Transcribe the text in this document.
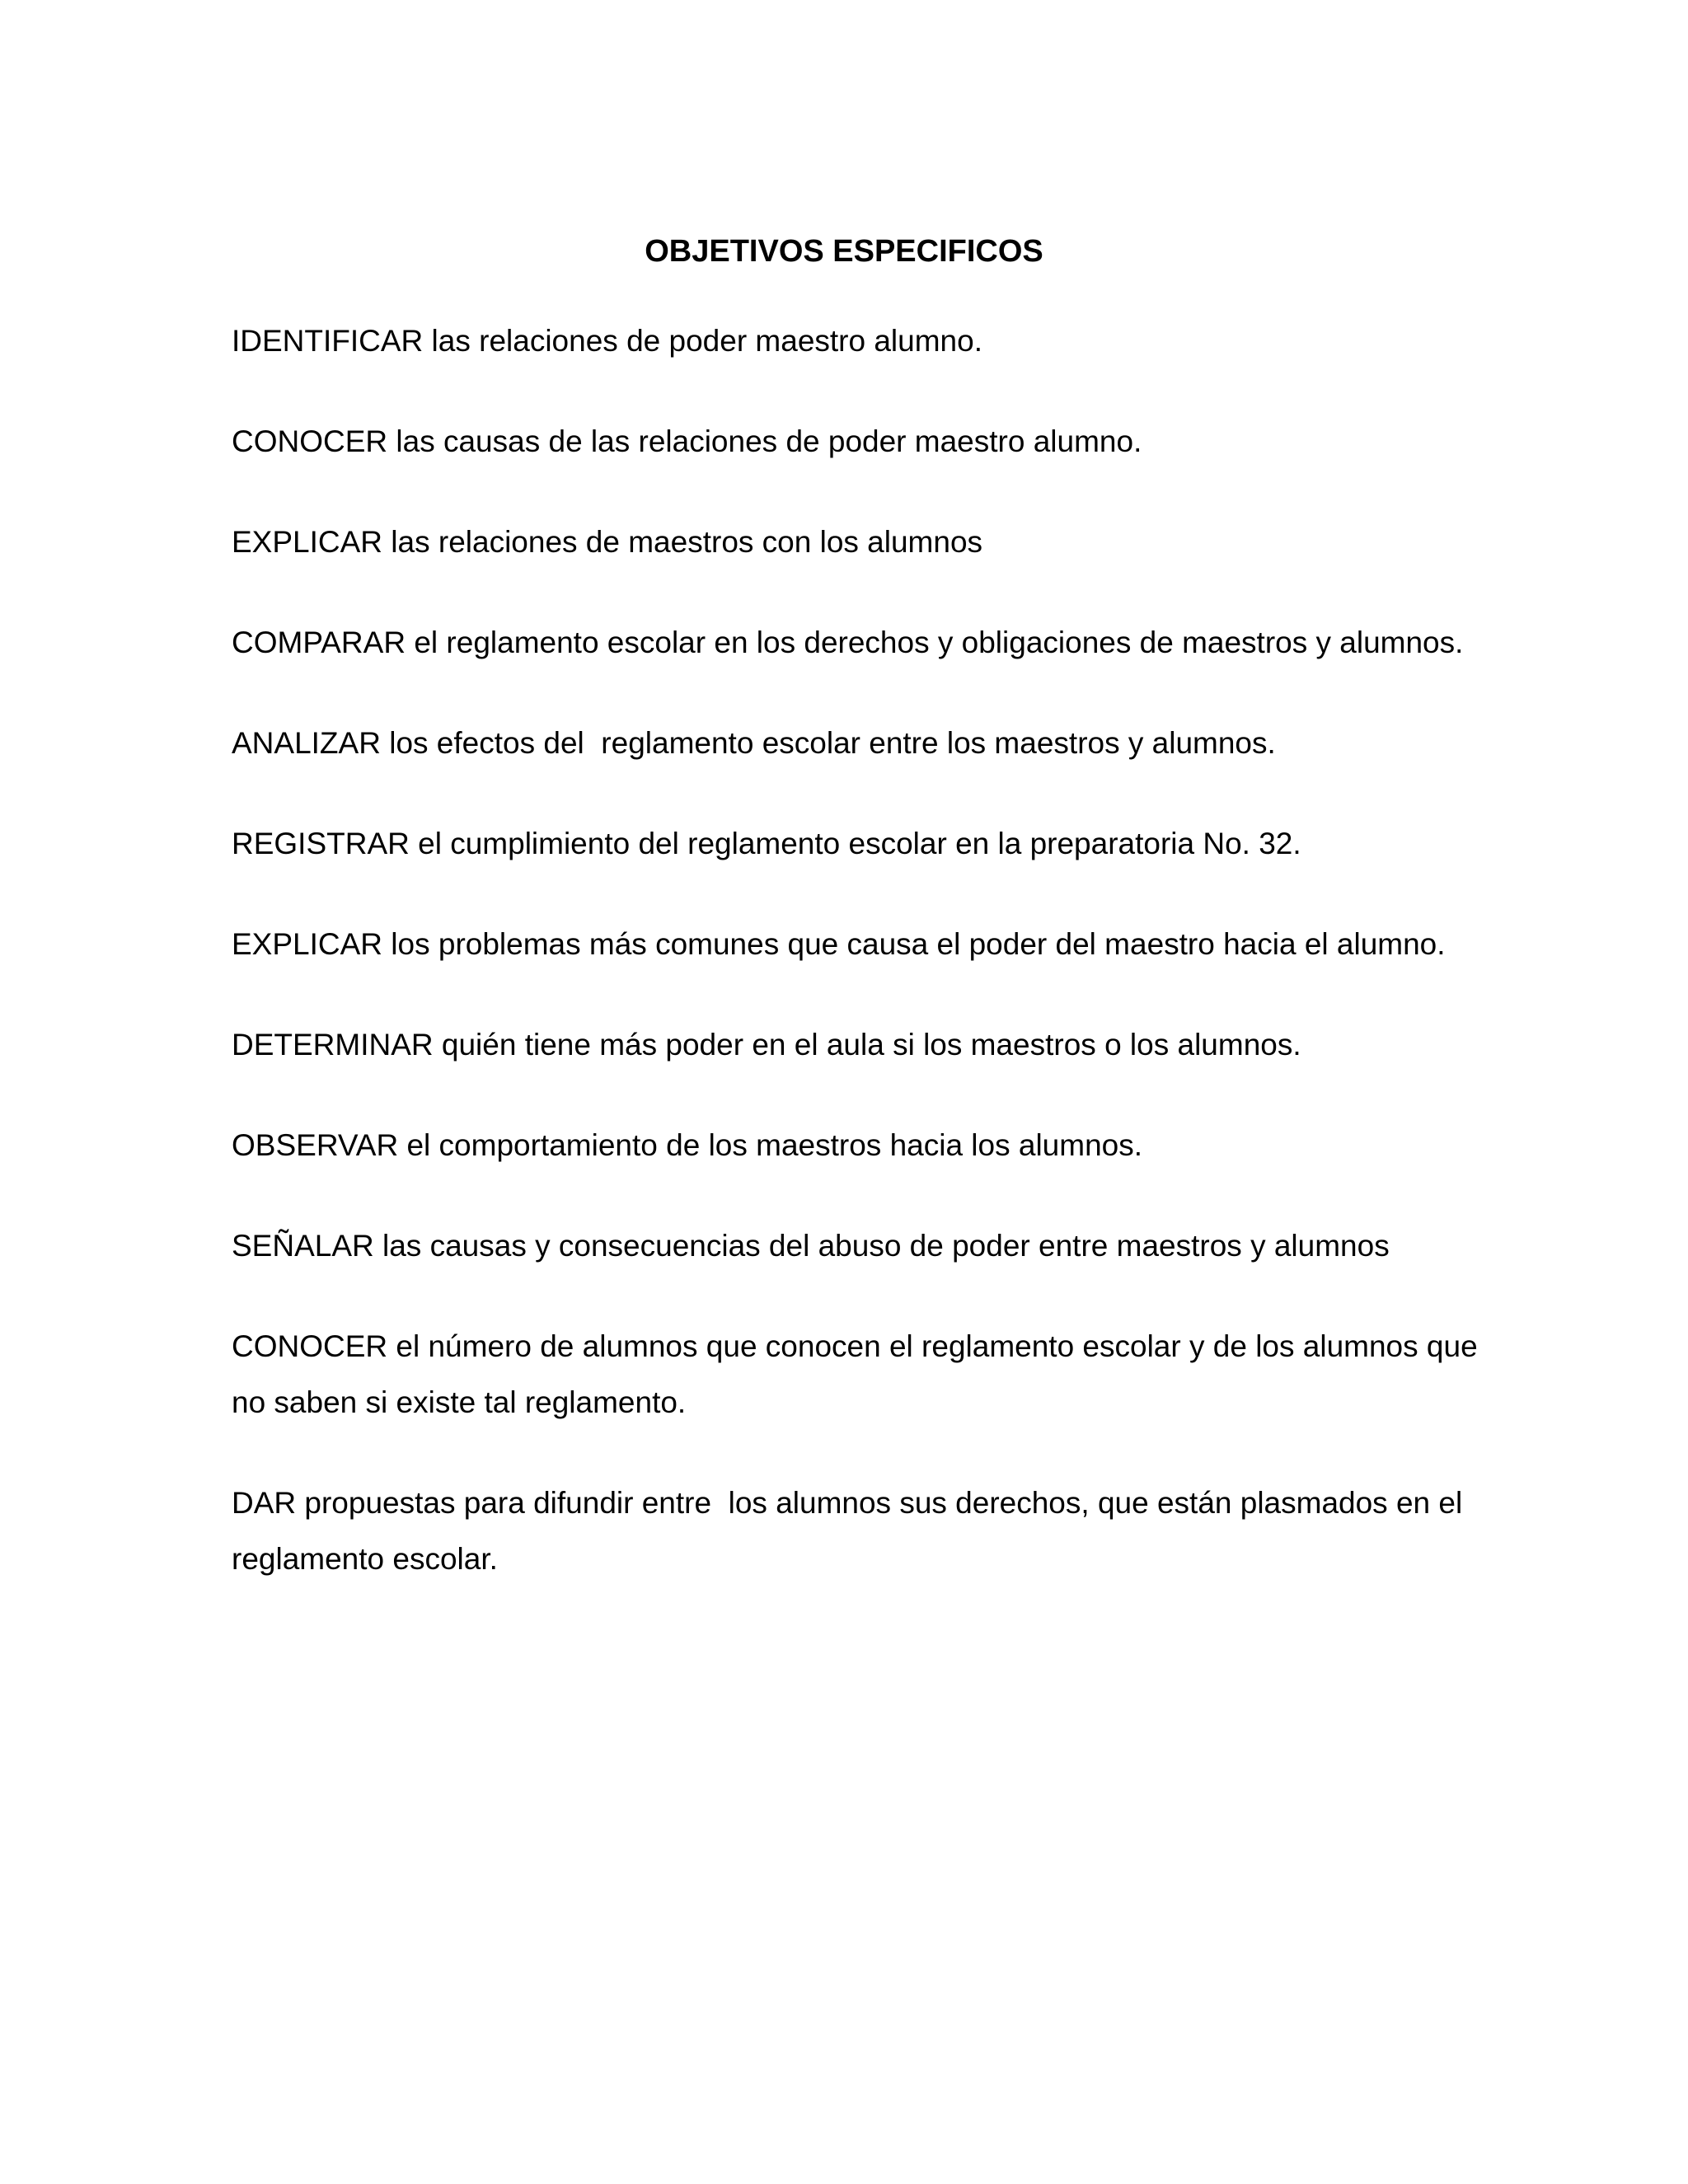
OBJETIVOS ESPECIFICOS
IDENTIFICAR las relaciones de poder maestro alumno.
CONOCER las causas de las relaciones de poder maestro alumno.
EXPLICAR las relaciones de maestros con los alumnos
COMPARAR el reglamento escolar en los derechos y obligaciones de maestros y alumnos.
ANALIZAR los efectos del  reglamento escolar entre los maestros y alumnos.
REGISTRAR el cumplimiento del reglamento escolar en la preparatoria No. 32.
EXPLICAR los problemas más comunes que causa el poder del maestro hacia el alumno.
DETERMINAR quién tiene más poder en el aula si los maestros o los alumnos.
OBSERVAR el comportamiento de los maestros hacia los alumnos.
SEÑALAR las causas y consecuencias del abuso de poder entre maestros y alumnos
CONOCER el número de alumnos que conocen el reglamento escolar y de los alumnos que no saben si existe tal reglamento.
DAR propuestas para difundir entre  los alumnos sus derechos, que están plasmados en el reglamento escolar.
